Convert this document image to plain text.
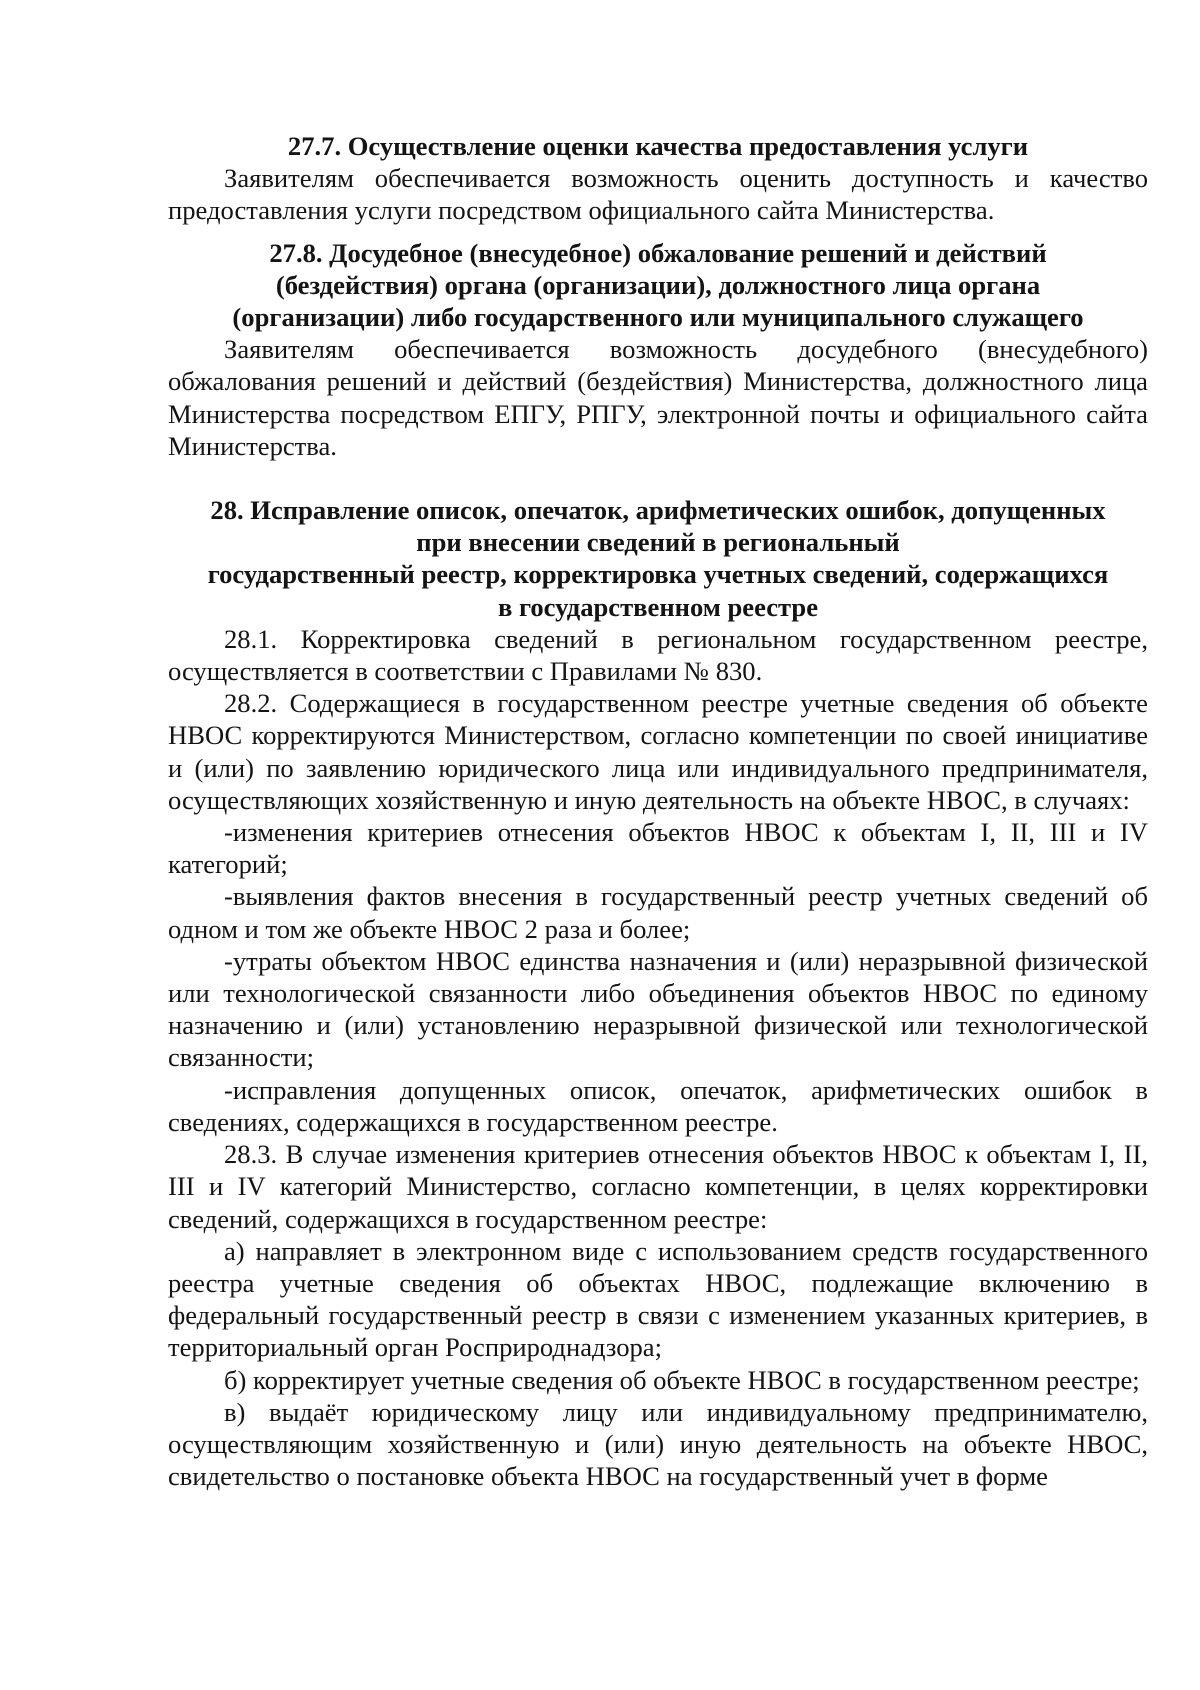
27.7. Осуществление оценки качества предоставления услуги

Заявителям обеспечивается возможность оценить доступность и качество предоставления услуги посредством официального сайта Министерства.

27.8. Досудебное (внесудебное) обжалование решений и действий

(бездействия) органа (организации), должностного лица органа

(организации) либо государственного или муниципального служащего

Заявителям обеспечивается возможность досудебного (внесудебного) обжалования решений и действий (бездействия) Министерства, должностного лица Министерства посредством ЕПГУ, РПГУ, электронной почты и официального сайта Министерства.

28. Исправление описок, опечаток, арифметических ошибок, допущенных

при внесении сведений в региональный

государственный реестр, корректировка учетных сведений, содержащихся

в государственном реестре

28.1. Корректировка сведений в региональном государственном реестре, осуществляется в соответствии с Правилами № 830.

28.2. Содержащиеся в государственном реестре учетные сведения об объекте НВОС корректируются Министерством, согласно компетенции по своей инициативе и (или) по заявлению юридического лица или индивидуального предпринимателя, осуществляющих хозяйственную и иную деятельность на объекте НВОС, в случаях:

-изменения критериев отнесения объектов НВОС к объектам I, II, III и IV категорий;

-выявления фактов внесения в государственный реестр учетных сведений об одном и том же объекте НВОС 2 раза и более;

-утраты объектом НВОС единства назначения и (или) неразрывной физической или технологической связанности либо объединения объектов НВОС по единому назначению и (или) установлению неразрывной физической или технологической связанности;

-исправления допущенных описок, опечаток, арифметических ошибок в сведениях, содержащихся в государственном реестре.

28.3. В случае изменения критериев отнесения объектов НВОС к объектам I, II, III и IV категорий Министерство, согласно компетенции, в целях корректировки сведений, содержащихся в государственном реестре:

а) направляет в электронном виде с использованием средств государственного реестра учетные сведения об объектах НВОС, подлежащие включению в федеральный государственный реестр в связи с изменением указанных критериев, в территориальный орган Росприроднадзора;

б) корректирует учетные сведения об объекте НВОС в государственном реестре;

в) выдаёт юридическому лицу или индивидуальному предпринимателю, осуществляющим хозяйственную и (или) иную деятельность на объекте НВОС, свидетельство о постановке объекта НВОС на государственный учет в форме
